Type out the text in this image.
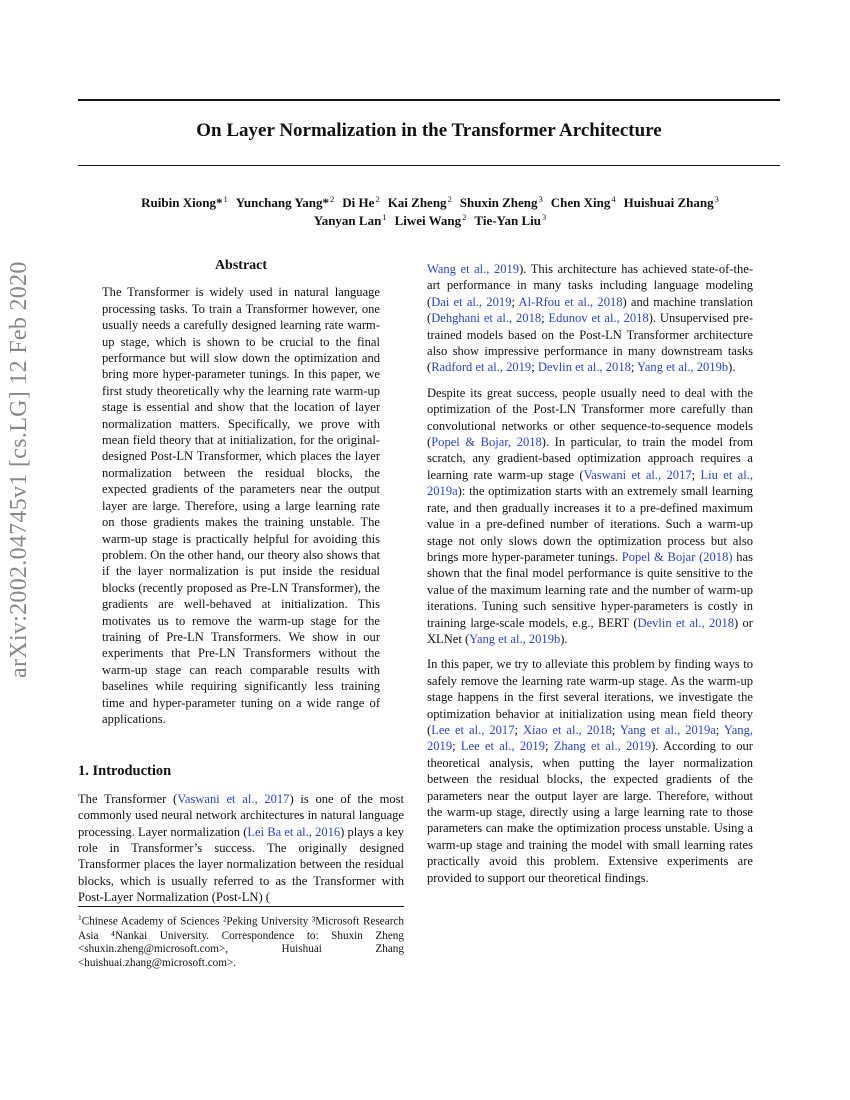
arXiv:2002.04745v1 [cs.LG] 12 Feb 2020
On Layer Normalization in the Transformer Architecture
Ruibin Xiong*$^1$ Yunchang Yang*$^2$ Di He$^2$ Kai Zheng$^2$ Shuxin Zheng$^3$ Chen Xing$^4$ Huishuai Zhang$^3$
Yanyan Lan$^1$ Liwei Wang$^2$ Tie-Yan Liu$^3$
Abstract
The Transformer is widely used in natural language processing tasks. To train a Transformer however, one usually needs a carefully designed learning rate warm-up stage, which is shown to be crucial to the final performance but will slow down the optimization and bring more hyper-parameter tunings. In this paper, we first study theoretically why the learning rate warm-up stage is essential and show that the location of layer normalization matters. Specifically, we prove with mean field theory that at initialization, for the original-designed Post-LN Transformer, which places the layer normalization between the residual blocks, the expected gradients of the parameters near the output layer are large. Therefore, using a large learning rate on those gradients makes the training unstable. The warm-up stage is practically helpful for avoiding this problem. On the other hand, our theory also shows that if the layer normalization is put inside the residual blocks (recently proposed as Pre-LN Transformer), the gradients are well-behaved at initialization. This motivates us to remove the warm-up stage for the training of Pre-LN Transformers. We show in our experiments that Pre-LN Transformers without the warm-up stage can reach comparable results with baselines while requiring significantly less training time and hyper-parameter tuning on a wide range of applications.
1. Introduction
The Transformer (Vaswani et al., 2017) is one of the most commonly used neural network architectures in natural language processing. Layer normalization (Lei Ba et al., 2016) plays a key role in Transformer’s success. The originally designed Transformer places the layer normalization between the residual blocks, which is usually referred to as the Transformer with Post-Layer Normalization (Post-LN) (

Wang et al., 2019). This architecture has achieved state-of-the-art performance in many tasks including language modeling (Dai et al., 2019; Al-Rfou et al., 2018) and machine translation (Dehghani et al., 2018; Edunov et al., 2018). Unsupervised pre-trained models based on the Post-LN Transformer architecture also show impressive performance in many downstream tasks (Radford et al., 2019; Devlin et al., 2018; Yang et al., 2019b).

Despite its great success, people usually need to deal with the optimization of the Post-LN Transformer more carefully than convolutional networks or other sequence-to-sequence models (Popel & Bojar, 2018). In particular, to train the model from scratch, any gradient-based optimization approach requires a learning rate warm-up stage (Vaswani et al., 2017; Liu et al., 2019a): the optimization starts with an extremely small learning rate, and then gradually increases it to a pre-defined maximum value in a pre-defined number of iterations. Such a warm-up stage not only slows down the optimization process but also brings more hyper-parameter tunings. Popel & Bojar (2018) has shown that the final model performance is quite sensitive to the value of the maximum learning rate and the number of warm-up iterations. Tuning such sensitive hyper-parameters is costly in training large-scale models, e.g., BERT (Devlin et al., 2018) or XLNet (Yang et al., 2019b).

In this paper, we try to alleviate this problem by finding ways to safely remove the learning rate warm-up stage. As the warm-up stage happens in the first several iterations, we investigate the optimization behavior at initialization using mean field theory (Lee et al., 2017; Xiao et al., 2018; Yang et al., 2019a; Yang, 2019; Lee et al., 2019; Zhang et al., 2019). According to our theoretical analysis, when putting the layer normalization between the residual blocks, the expected gradients of the parameters near the output layer are large. Therefore, without the warm-up stage, directly using a large learning rate to those parameters can make the optimization process unstable. Using a warm-up stage and training the model with small learning rates practically avoid this problem. Extensive experiments are provided to support our theoretical findings.

$^1$Chinese Academy of Sciences ²Peking University ³Microsoft Research Asia ⁴Nankai University. Correspondence to: Shuxin Zheng <shuxin.zheng@microsoft.com>, Huishuai Zhang <huishuai.zhang@microsoft.com>.
